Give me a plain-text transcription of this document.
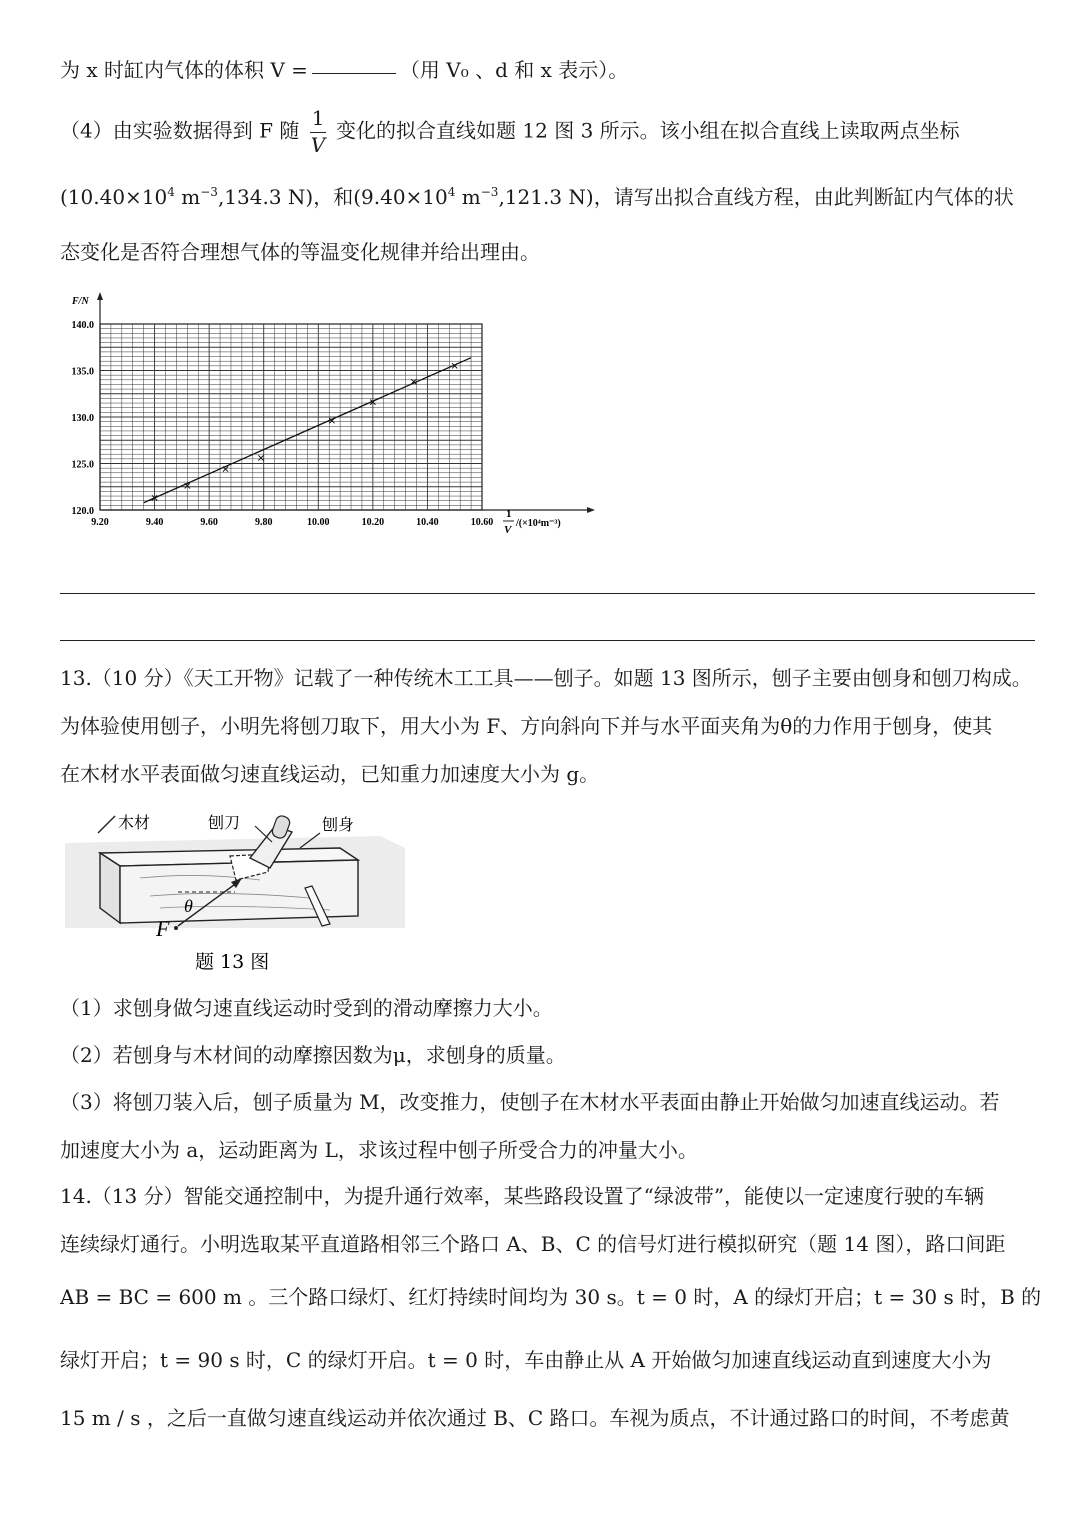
为 x 时缸内气体的体积 V =	（用 V₀ 、d 和 x 表示）。
（4）由实验数据得到 F 随 $\frac{1}{V}$ 变化的拟合直线如题 12 图 3 所示。该小组在拟合直线上读取两点坐标
($10.40\times 10^4$ $m^{-3},134.3$ N)，和($9.40\times 10^4$ $m^{-3},121.3$ N)，请写出拟合直线方程，由此判断缸内气体的状
态变化是否符合理想气体的等温变化规律并给出理由。
F/N
1
V
/(×10⁴m⁻³)
9.20	9.40	9.60	9.80	10.00	10.20	10.40	10.60
120.0
125.0
130.0
135.0
140.0
13.（10 分）《天工开物》记载了一种传统木工工具——刨子。如题 13 图所示，刨子主要由刨身和刨刀构成。
为体验使用刨子，小明先将刨刀取下，用大小为 F、方向斜向下并与水平面夹角为θ的力作用于刨身，使其
在木材水平表面做匀速直线运动，已知重力加速度大小为 g。
木材	刨刀	刨身
θ
F
题 13 图
（1）求刨身做匀速直线运动时受到的滑动摩擦力大小。
（2）若刨身与木材间的动摩擦因数为μ，求刨身的质量。
（3）将刨刀装入后，刨子质量为 M，改变推力，使刨子在木材水平表面由静止开始做匀加速直线运动。若
加速度大小为 a，运动距离为 L，求该过程中刨子所受合力的冲量大小。
14.（13 分）智能交通控制中，为提升通行效率，某些路段设置了“绿波带”，能使以一定速度行驶的车辆
连续绿灯通行。小明选取某平直道路相邻三个路口 A、B、C 的信号灯进行模拟研究（题 14 图），路口间距
AB = BC = 600 m 。三个路口绿灯、红灯持续时间均为 30 s。t = 0 时，A 的绿灯开启；t = 30 s 时，B 的
绿灯开启；t = 90 s 时，C 的绿灯开启。t = 0 时，车由静止从 A 开始做匀加速直线运动直到速度大小为
15 m / s ，之后一直做匀速直线运动并依次通过 B、C 路口。车视为质点，不计通过路口的时间，不考虑黄
